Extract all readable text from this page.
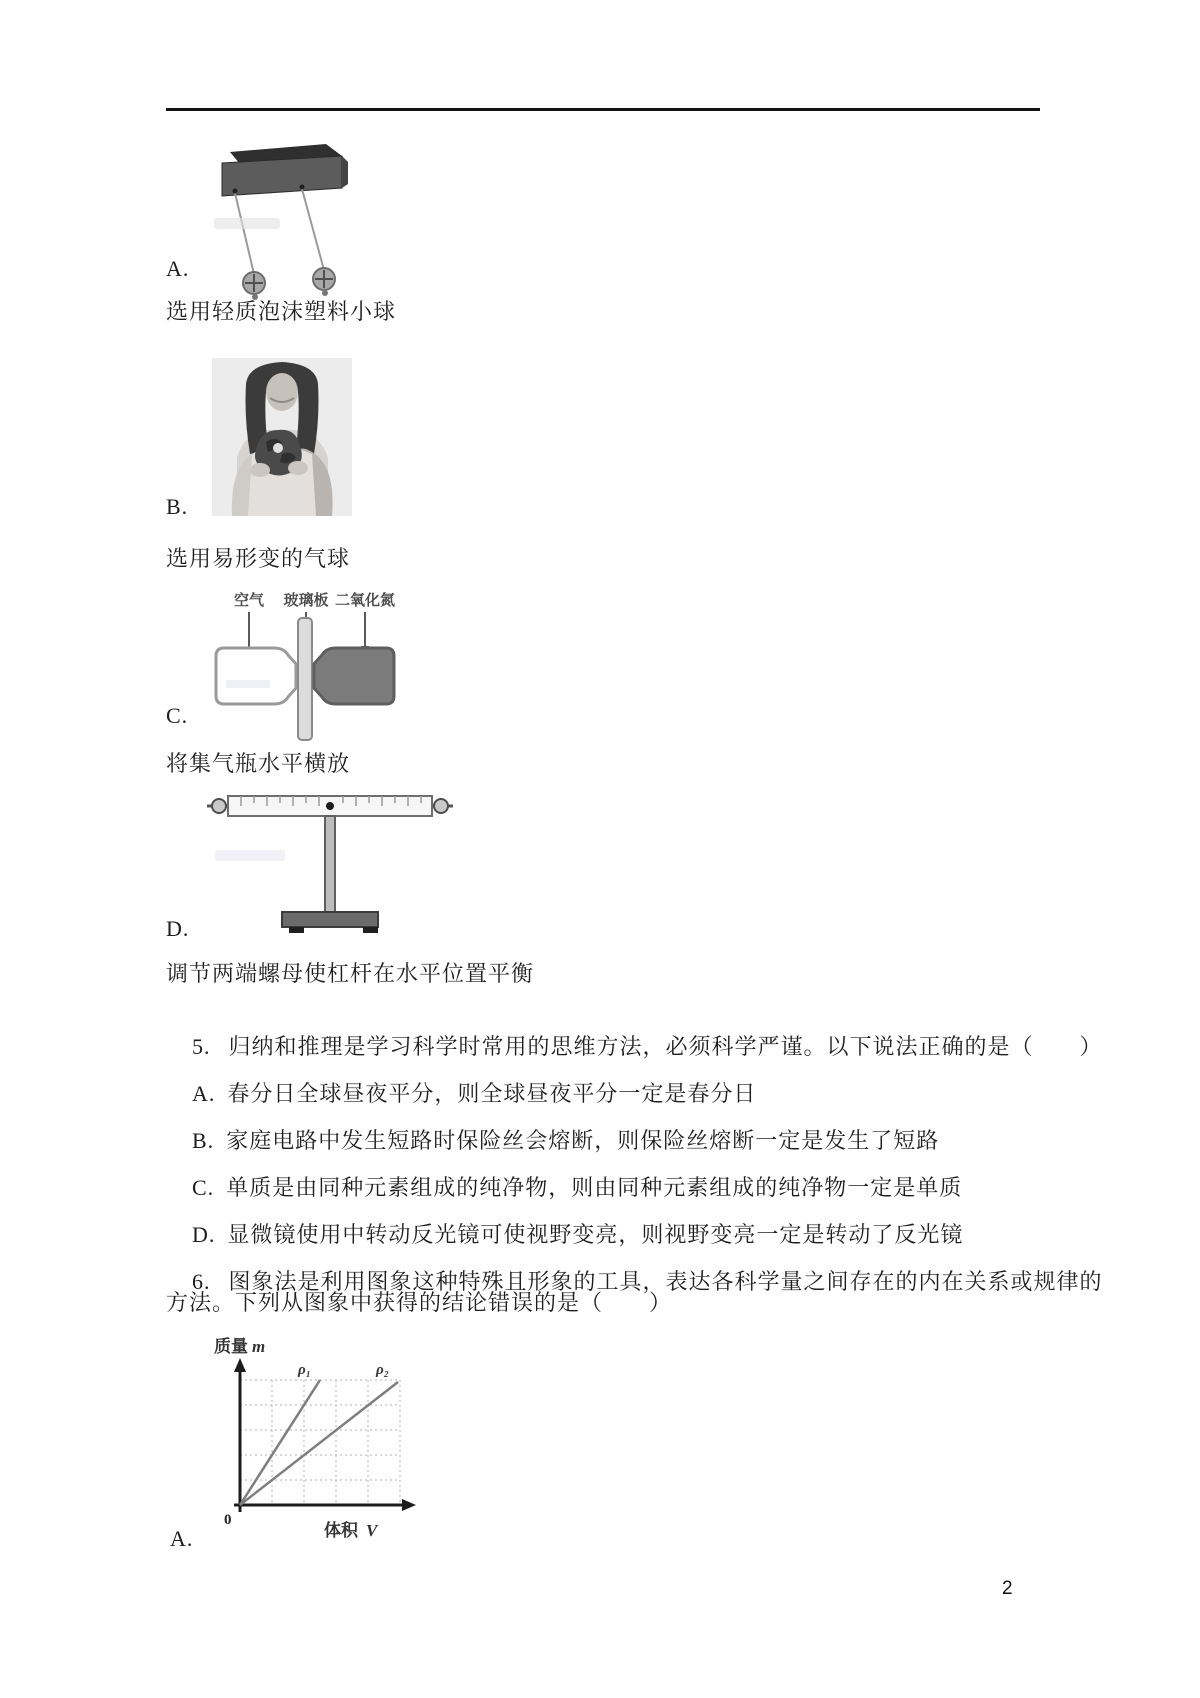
A.
选用轻质泡沫塑料小球
B.
选用易形变的气球
空气 玻璃板 二氧化氮
C.
将集气瓶水平横放
D.
调节两端螺母使杠杆在水平位置平衡

5. 归纳和推理是学习科学时常用的思维方法，必须科学严谨。以下说法正确的是（　　）

A. 春分日全球昼夜平分，则全球昼夜平分一定是春分日

B. 家庭电路中发生短路时保险丝会熔断，则保险丝熔断一定是发生了短路

C. 单质是由同种元素组成的纯净物，则由同种元素组成的纯净物一定是单质

D. 显微镜使用中转动反光镜可使视野变亮，则视野变亮一定是转动了反光镜

6. 图象法是利用图象这种特殊且形象的工具，表达各科学量之间存在的内在关系或规律的

方法。下列从图象中获得的结论错误的是（　　）
质量 m
ρ₁	ρ₂
0
体积 V
A.
2
